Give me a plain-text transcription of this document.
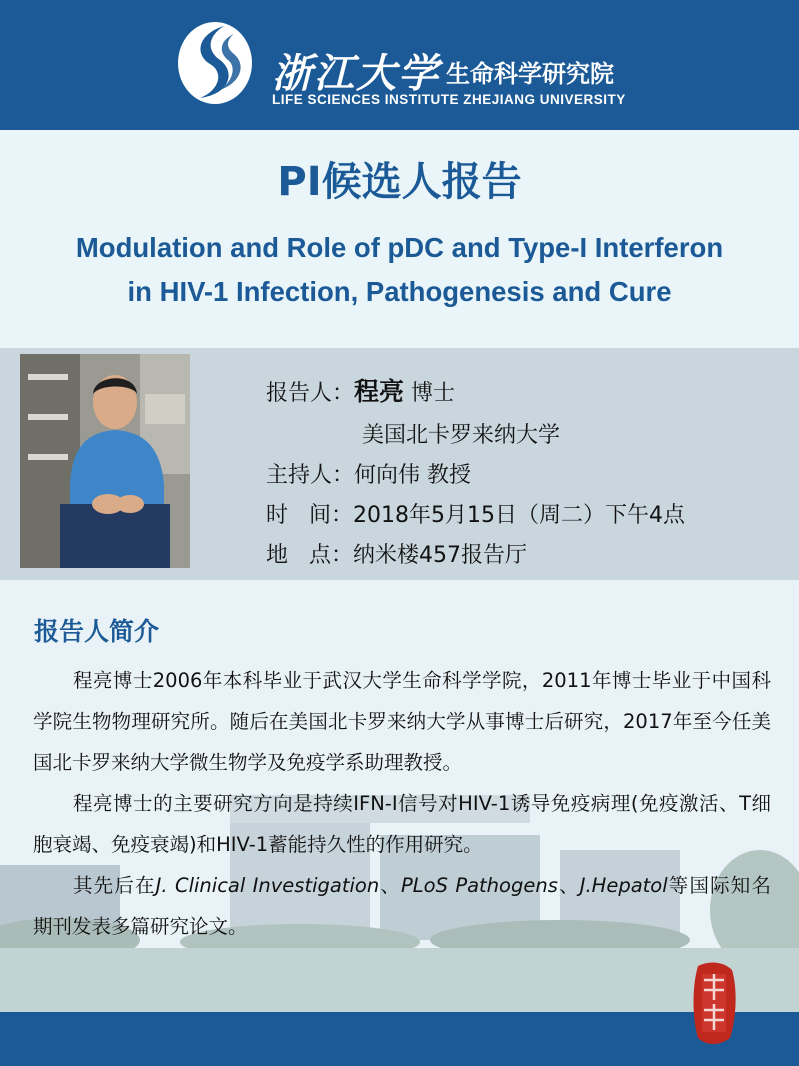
浙江大学 生命科学研究院
LIFE SCIENCES INSTITUTE ZHEJIANG UNIVERSITY
PI候选人报告
Modulation and Role of pDC and Type-I Interferon
in HIV-1 Infection, Pathogenesis and Cure
报告人：程亮 博士
美国北卡罗来纳大学
主持人：何向伟 教授
时   间：2018年5月15日（周二）下午4点
地   点：纳米楼457报告厅
报告人简介
程亮博士2006年本科毕业于武汉大学生命科学学院，2011年博士毕业于中国科学院生物物理研究所。随后在美国北卡罗来纳大学从事博士后研究，2017年至今任美国北卡罗来纳大学微生物学及免疫学系助理教授。
程亮博士的主要研究方向是持续IFN-I信号对HIV-1诱导免疫病理(免疫激活、T细胞衰竭、免疫衰竭)和HIV-1蓄能持久性的作用研究。
其先后在J. Clinical Investigation、PLoS Pathogens、J.Hepatol等国际知名期刊发表多篇研究论文。
